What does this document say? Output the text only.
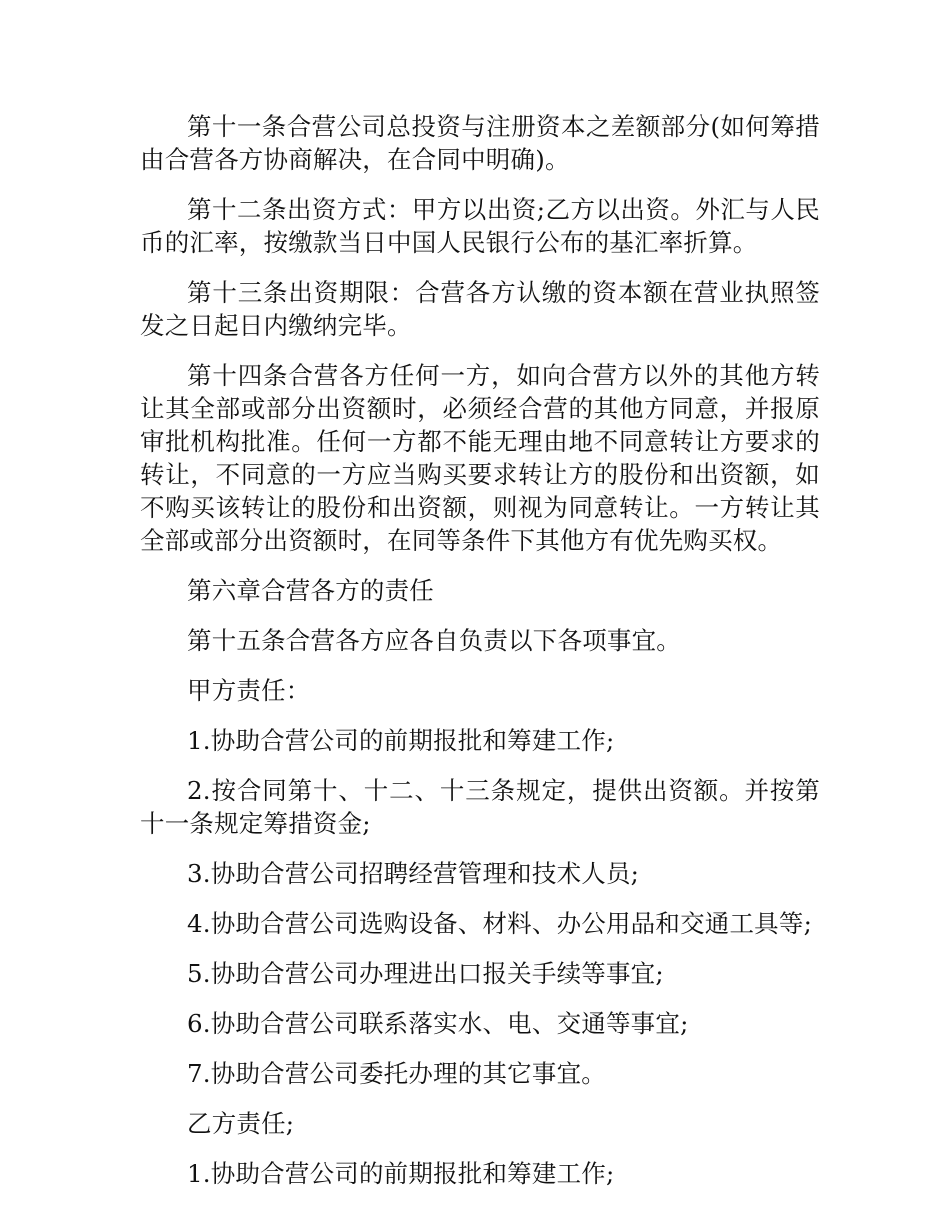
第十一条合营公司总投资与注册资本之差额部分(如何筹措由合营各方协商解决，在合同中明确)。

第十二条出资方式：甲方以出资;乙方以出资。外汇与人民币的汇率，按缴款当日中国人民银行公布的基汇率折算。

第十三条出资期限：合营各方认缴的资本额在营业执照签发之日起日内缴纳完毕。

第十四条合营各方任何一方，如向合营方以外的其他方转让其全部或部分出资额时，必须经合营的其他方同意，并报原审批机构批准。任何一方都不能无理由地不同意转让方要求的转让，不同意的一方应当购买要求转让方的股份和出资额，如不购买该转让的股份和出资额，则视为同意转让。一方转让其全部或部分出资额时，在同等条件下其他方有优先购买权。

第六章合营各方的责任

第十五条合营各方应各自负责以下各项事宜。

甲方责任：

1.协助合营公司的前期报批和筹建工作;

2.按合同第十、十二、十三条规定，提供出资额。并按第十一条规定筹措资金;

3.协助合营公司招聘经营管理和技术人员;

4.协助合营公司选购设备、材料、办公用品和交通工具等;

5.协助合营公司办理进出口报关手续等事宜;

6.协助合营公司联系落实水、电、交通等事宜;

7.协助合营公司委托办理的其它事宜。

乙方责任;

1.协助合营公司的前期报批和筹建工作;
